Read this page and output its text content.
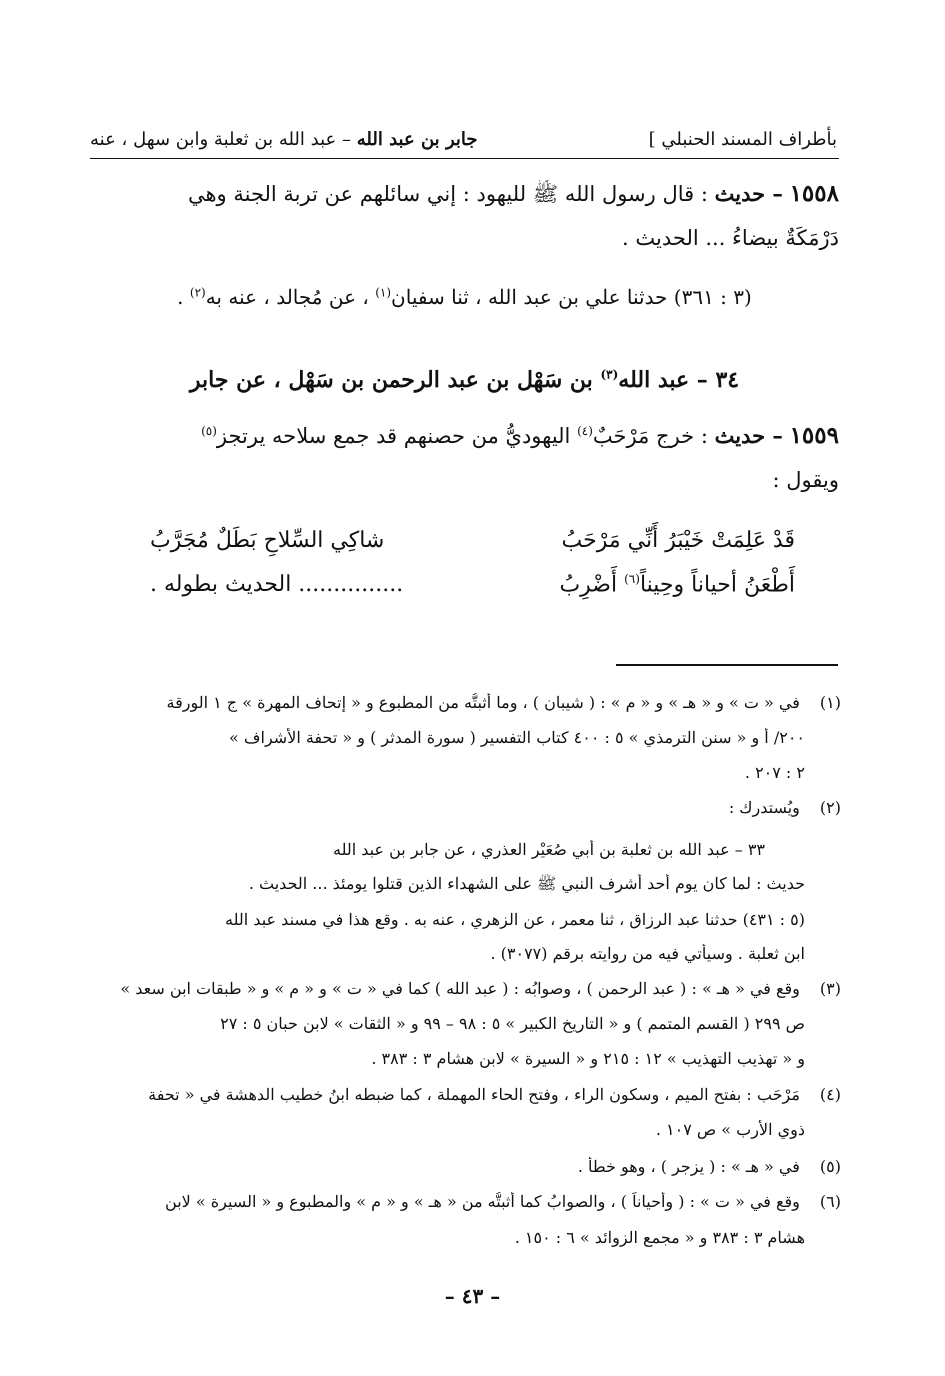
بأطراف المسند الحنبلي ]
جابر بن عبد الله – عبد الله بن ثعلبة وابن سهل ، عنه
١٥٥٨ – حديث : قال رسول الله ﷺ لليهود : إني سائلهم عن تربة الجنة وهي
دَرْمَكَةٌ بيضاءُ ... الحديث .
(٣ : ٣٦١) حدثنا علي بن عبد الله ، ثنا سفيان$^{(١)}$ ، عن مُجالد ، عنه به$^{(٢)}$ .
٣٤ – عبد الله$^{(٣)}$ بن سَهْل بن عبد الرحمن بن سَهْل ، عن جابر
١٥٥٩ – حديث : خرج مَرْحَبٌ$^{(٤)}$ اليهوديُّ من حصنهم قد جمع سلاحه يرتجز$^{(٥)}$
ويقول :
قَدْ عَلِمَتْ خَيْبَرُ أَنِّي مَرْحَبُ
شاكِي السِّلاحِ بَطَلٌ مُجَرَّبُ
أَطْعَنُ أحياناً وحِيناً$^{(٦)}$ أَضْرِبُ
............... الحديث بطوله .
(١) في « ت » و « هـ » و « م » : ( شيبان ) ، وما أثبتُّه من المطبوع و « إتحاف المهرة » ج ١ الورقة
٢٠٠/ أ و « سنن الترمذي » ٥ : ٤٠٠ كتاب التفسير ( سورة المدثر ) و « تحفة الأشراف »
٢ : ٢٠٧ .
(٢) ويُستدرك :
٣٣ – عبد الله بن ثعلبة بن أبي صُعَيْر العذري ، عن جابر بن عبد الله
حديث : لما كان يوم أحد أشرف النبي ﷺ على الشهداء الذين قتلوا يومئذ ... الحديث .
(٥ : ٤٣١) حدثنا عبد الرزاق ، ثنا معمر ، عن الزهري ، عنه به . وقع هذا في مسند عبد الله
ابن ثعلبة . وسيأتي فيه من روايته برقم (٣٠٧٧) .
(٣) وقع في « هـ » : ( عبد الرحمن ) ، وصوابُه : ( عبد الله ) كما في « ت » و « م » و « طبقات ابن سعد »
ص ٢٩٩ ( القسم المتمم ) و « التاريخ الكبير » ٥ : ٩٨ – ٩٩ و « الثقات » لابن حبان ٥ : ٢٧
و « تهذيب التهذيب » ١٢ : ٢١٥ و « السيرة » لابن هشام ٣ : ٣٨٣ .
(٤) مَرْحَب : بفتح الميم ، وسكون الراء ، وفتح الحاء المهملة ، كما ضبطه ابنُ خطيب الدهشة في « تحفة
ذوي الأرب » ص ١٠٧ .
(٥) في « هـ » : ( يزجر ) ، وهو خطأ .
(٦) وقع في « ت » : ( وأحياناً ) ، والصوابُ كما أثبتُّه من « هـ » و « م » والمطبوع و « السيرة » لابن
هشام ٣ : ٣٨٣ و « مجمع الزوائد » ٦ : ١٥٠ .
– ٤٣ –
